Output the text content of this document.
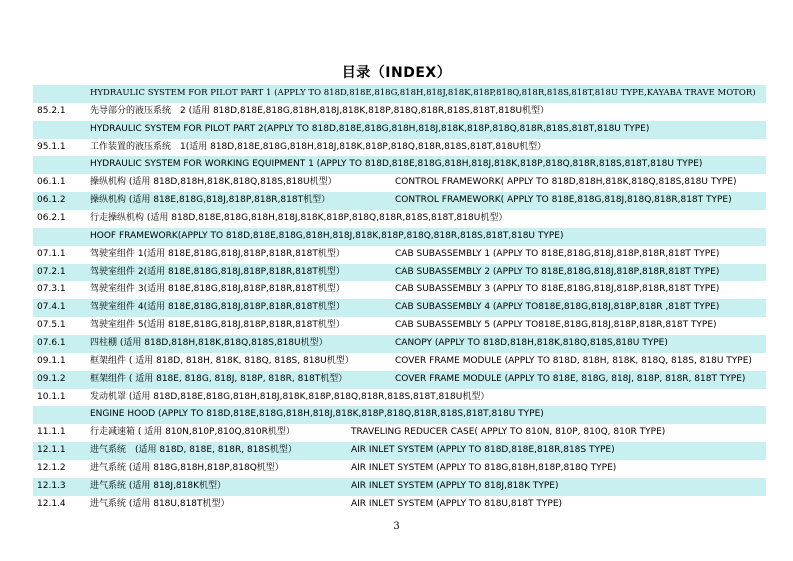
目录（INDEX）
HYDRAULIC SYSTEM FOR PILOT PART 1 (APPLY TO 818D,818E,818G,818H,818J,818K,818P,818Q,818R,818S,818T,818U TYPE,KAYABA TRAVE MOTOR)
85.2.1	先导部分的液压系统　2 (适用 818D,818E,818G,818H,818J,818K,818P,818Q,818R,818S,818T,818U机型）
HYDRAULIC SYSTEM FOR PILOT PART 2(APPLY TO 818D,818E,818G,818H,818J,818K,818P,818Q,818R,818S,818T,818U TYPE)
95.1.1	工作装置的液压系统　1(适用 818D,818E,818G,818H,818J,818K,818P,818Q,818R,818S,818T,818U机型）
HYDRAULIC SYSTEM FOR WORKING EQUIPMENT 1 (APPLY TO 818D,818E,818G,818H,818J,818K,818P,818Q,818R,818S,818T,818U TYPE)
06.1.1	操纵机构 (适用 818D,818H,818K,818Q,818S,818U机型）	CONTROL FRAMEWORK( APPLY TO 818D,818H,818K,818Q,818S,818U TYPE)
06.1.2	操纵机构 (适用 818E,818G,818J,818P,818R,818T机型）	CONTROL FRAMEWORK( APPLY TO 818E,818G,818J,818Q,818R,818T TYPE)
06.2.1	行走操纵机构 (适用 818D,818E,818G,818H,818J,818K,818P,818Q,818R,818S,818T,818U机型）
HOOF FRAMEWORK(APPLY TO 818D,818E,818G,818H,818J,818K,818P,818Q,818R,818S,818T,818U TYPE)
07.1.1	驾驶室组件 1(适用 818E,818G,818J,818P,818R,818T机型）	CAB SUBASSEMBLY 1 (APPLY TO 818E,818G,818J,818P,818R,818T TYPE)
07.2.1	驾驶室组件 2(适用 818E,818G,818J,818P,818R,818T机型）	CAB SUBASSEMBLY 2 (APPLY TO 818E,818G,818J,818P,818R,818T TYPE)
07.3.1	驾驶室组件 3(适用 818E,818G,818J,818P,818R,818T机型）	CAB SUBASSEMBLY 3 (APPLY TO 818E,818G,818J,818P,818R,818T TYPE)
07.4.1	驾驶室组件 4(适用 818E,818G,818J,818P,818R,818T机型）	CAB SUBASSEMBLY 4 (APPLY TO818E,818G,818J,818P,818R ,818T TYPE)
07.5.1	驾驶室组件 5(适用 818E,818G,818J,818P,818R,818T机型）	CAB SUBASSEMBLY 5 (APPLY TO818E,818G,818J,818P,818R,818T TYPE)
07.6.1	四柱棚 (适用 818D,818H,818K,818Q,818S,818U机型）	CANOPY (APPLY TO 818D,818H,818K,818Q,818S,818U TYPE)
09.1.1	框架组件 ( 适用 818D, 818H, 818K, 818Q, 818S, 818U机型）	COVER FRAME MODULE (APPLY TO 818D, 818H, 818K, 818Q, 818S, 818U TYPE)
09.1.2	框架组件 ( 适用 818E, 818G, 818J, 818P, 818R, 818T机型）	COVER FRAME MODULE (APPLY TO 818E, 818G, 818J, 818P, 818R, 818T TYPE)
10.1.1	发动机罩 (适用 818D,818E,818G,818H,818J,818K,818P,818Q,818R,818S,818T,818U机型）
ENGINE HOOD (APPLY TO 818D,818E,818G,818H,818J,818K,818P,818Q,818R,818S,818T,818U TYPE)
11.1.1	行走减速箱 ( 适用 810N,810P,810Q,810R机型）	TRAVELING REDUCER CASE( APPLY TO 810N, 810P, 810Q, 810R TYPE)
12.1.1	进气系统　(适用 818D, 818E, 818R, 818S机型）	AIR INLET SYSTEM (APPLY TO 818D,818E,818R,818S TYPE)
12.1.2	进气系统 (适用 818G,818H,818P,818Q机型）	AIR INLET SYSTEM (APPLY TO 818G,818H,818P,818Q TYPE)
12.1.3	进气系统 (适用 818J,818K机型）	AIR INLET SYSTEM (APPLY TO 818J,818K TYPE)
12.1.4	进气系统 (适用 818U,818T机型）	AIR INLET SYSTEM (APPLY TO 818U,818T TYPE)
3
